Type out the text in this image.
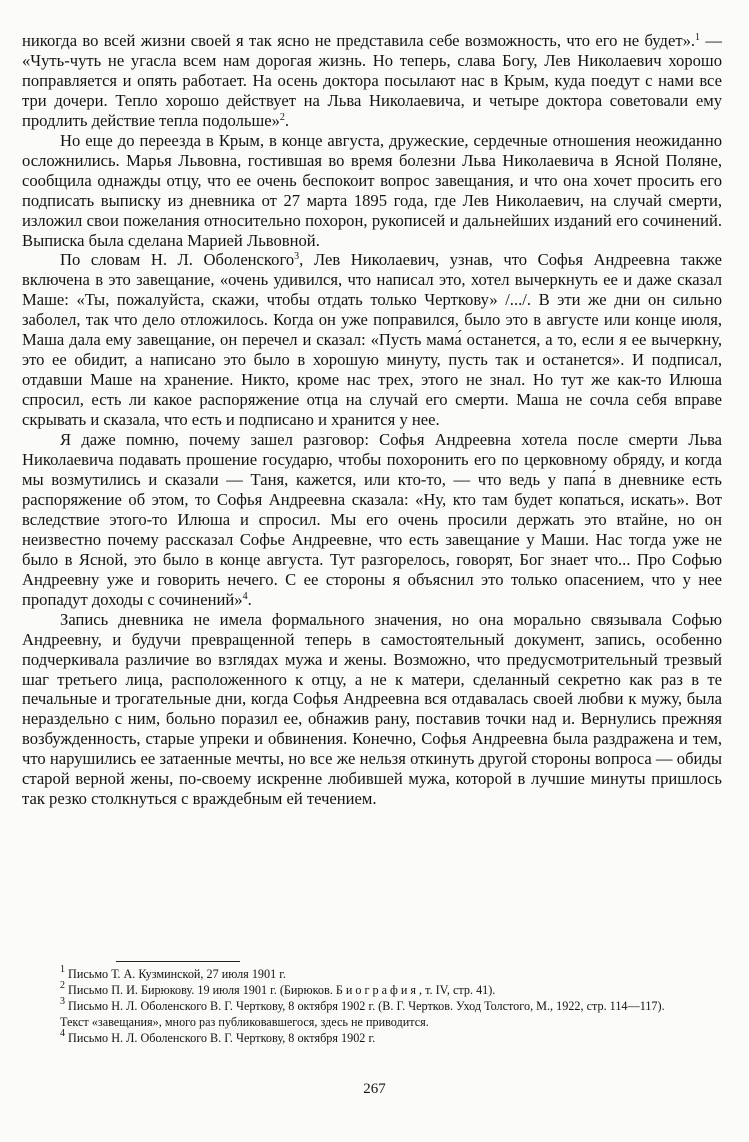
никогда во всей жизни своей я так ясно не представила себе возможность, что его не будет».$^1$ — «Чуть-чуть не угасла всем нам дорогая жизнь. Но теперь, слава Богу, Лев Николаевич хорошо поправляется и опять работает. На осень доктора посылают нас в Крым, куда поедут с нами все три дочери. Тепло хорошо действует на Льва Николаевича, и четыре доктора советовали ему продлить действие тепла подольше»$^2$.

Но еще до переезда в Крым, в конце августа, дружеские, сердечные отношения неожиданно осложнились. Марья Львовна, гостившая во время болезни Льва Николаевича в Ясной Поляне, сообщила однажды отцу, что ее очень беспокоит вопрос завещания, и что она хочет просить его подписать выписку из дневника от 27 марта 1895 года, где Лев Николаевич, на случай смерти, изложил свои пожелания относительно похорон, рукописей и дальнейших изданий его сочинений. Выписка была сделана Марией Львовной.

По словам Н. Л. Оболенского$^3$, Лев Николаевич, узнав, что Софья Андреевна также включена в это завещание, «очень удивился, что написал это, хотел вычеркнуть ее и даже сказал Маше: «Ты, пожалуйста, скажи, чтобы отдать только Черткову» /.../. В эти же дни он сильно заболел, так что дело отложилось. Когда он уже поправился, было это в августе или конце июля, Маша дала ему завещание, он перечел и сказал: «Пусть мама́ останется, а то, если я ее вычеркну, это ее обидит, а написано это было в хорошую минуту, пусть так и останется». И подписал, отдавши Маше на хранение. Никто, кроме нас трех, этого не знал. Но тут же как-то Илюша спросил, есть ли какое распоряжение отца на случай его смерти. Маша не сочла себя вправе скрывать и сказала, что есть и подписано и хранится у нее.

Я даже помню, почему зашел разговор: Софья Андреевна хотела после смерти Льва Николаевича подавать прошение государю, чтобы похоронить его по церковному обряду, и когда мы возмутились и сказали — Таня, кажется, или кто-то, — что ведь у папа́ в дневнике есть распоряжение об этом, то Софья Андреевна сказала: «Ну, кто там будет копаться, искать». Вот вследствие этого-то Илюша и спросил. Мы его очень просили держать это втайне, но он неизвестно почему рассказал Софье Андреевне, что есть завещание у Маши. Нас тогда уже не было в Ясной, это было в конце августа. Тут разгорелось, говорят, Бог знает что... Про Софью Андреевну уже и говорить нечего. С ее стороны я объяснил это только опасением, что у нее пропадут доходы с сочинений»$^4$.

Запись дневника не имела формального значения, но она морально связывала Софью Андреевну, и будучи превращенной теперь в самостоятельный документ, запись, особенно подчеркивала различие во взглядах мужа и жены. Возможно, что предусмотрительный трезвый шаг третьего лица, расположенного к отцу, а не к матери, сделанный секретно как раз в те печальные и трогательные дни, когда Софья Андреевна вся отдавалась своей любви к мужу, была нераздельно с ним, больно поразил ее, обнажив рану, поставив точки над и. Вернулись прежняя возбужденность, старые упреки и обвинения. Конечно, Софья Андреевна была раздражена и тем, что нарушились ее затаенные мечты, но все же нельзя откинуть другой стороны вопроса — обиды старой верной жены, по-своему искренне любившей мужа, которой в лучшие минуты пришлось так резко столкнуться с враждебным ей течением.

$^1$ Письмо Т. А. Кузминской, 27 июля 1901 г.
$^2$ Письмо П. И. Бирюкову. 19 июля 1901 г. (Бирюков. Биография, т. IV, стр. 41).
$^3$ Письмо Н. Л. Оболенского В. Г. Черткову, 8 октября 1902 г. (В. Г. Чертков. Уход Толстого, М., 1922, стр. 114—117).
Текст «завещания», много раз публиковавшегося, здесь не приводится.
$^4$ Письмо Н. Л. Оболенского В. Г. Черткову, 8 октября 1902 г.
267
